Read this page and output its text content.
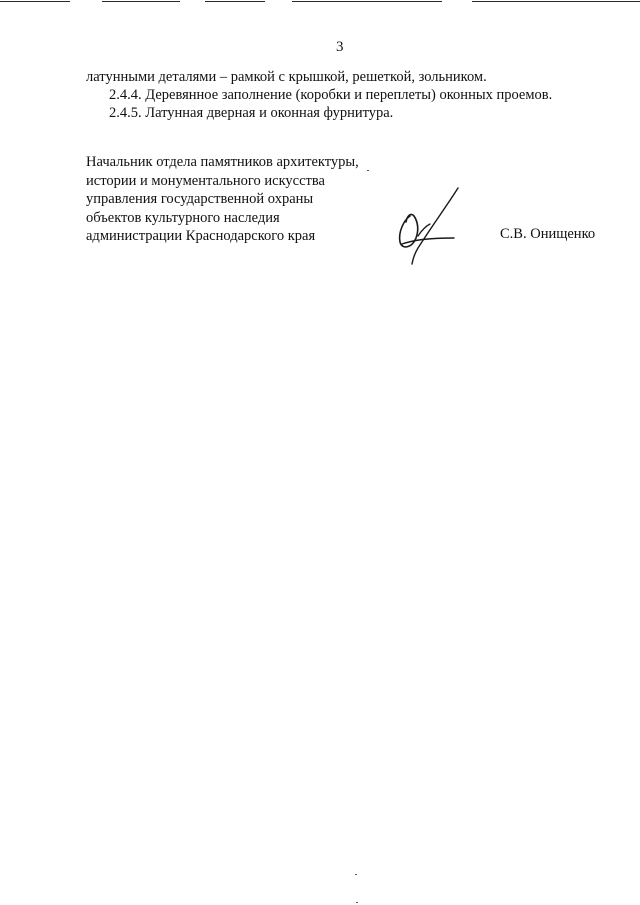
3

латунными деталями – рамкой с крышкой, решеткой, зольником.

2.4.4. Деревянное заполнение (коробки и переплеты) оконных проемов.

2.4.5. Латунная дверная и оконная фурнитура.

Начальник отдела памятников архитектуры,

истории и монументального искусства

управления государственной охраны

объектов культурного наследия

администрации Краснодарского края	С.В. Онищенко
